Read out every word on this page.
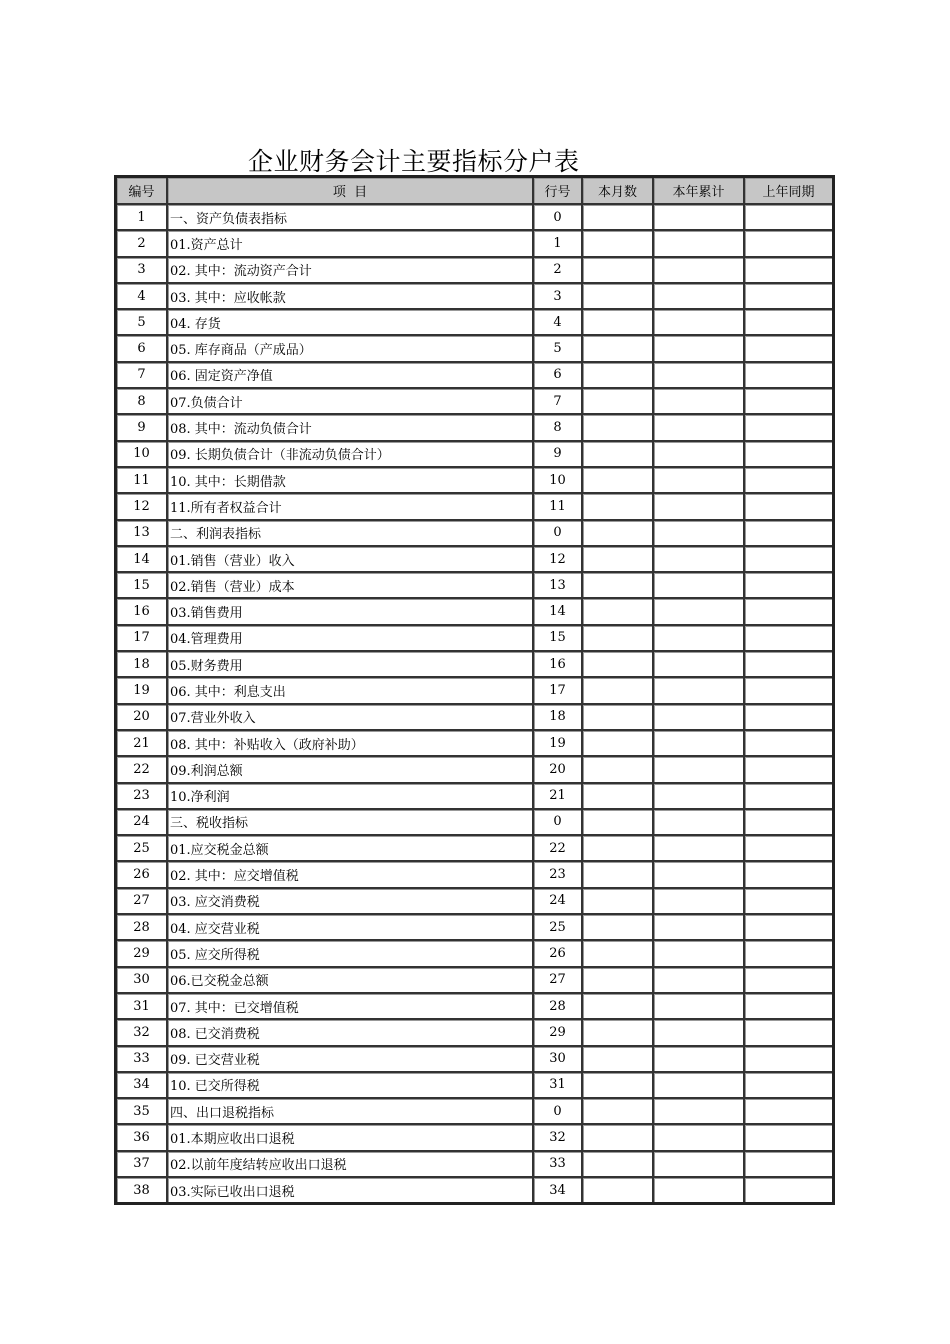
企业财务会计主要指标分户表
编号	项  目	行号	本月数	本年累计	上年同期
1	一、资产负债表指标	0			
2	01.资产总计	1			
3	02. 其中：流动资产合计	2			
4	03. 其中：应收帐款	3			
5	04. 存货	4			
6	05. 库存商品（产成品）	5			
7	06. 固定资产净值	6			
8	07.负债合计	7			
9	08. 其中：流动负债合计	8			
10	09. 长期负债合计（非流动负债合计）	9			
11	10. 其中：长期借款	10			
12	11.所有者权益合计	11			
13	二、利润表指标	0			
14	01.销售（营业）收入	12			
15	02.销售（营业）成本	13			
16	03.销售费用	14			
17	04.管理费用	15			
18	05.财务费用	16			
19	06. 其中：利息支出	17			
20	07.营业外收入	18			
21	08. 其中：补贴收入（政府补助）	19			
22	09.利润总额	20			
23	10.净利润	21			
24	三、税收指标	0			
25	01.应交税金总额	22			
26	02. 其中：应交增值税	23			
27	03. 应交消费税	24			
28	04. 应交营业税	25			
29	05. 应交所得税	26			
30	06.已交税金总额	27			
31	07. 其中：已交增值税	28			
32	08. 已交消费税	29			
33	09. 已交营业税	30			
34	10. 已交所得税	31			
35	四、出口退税指标	0			
36	01.本期应收出口退税	32			
37	02.以前年度结转应收出口退税	33			
38	03.实际已收出口退税	34			
